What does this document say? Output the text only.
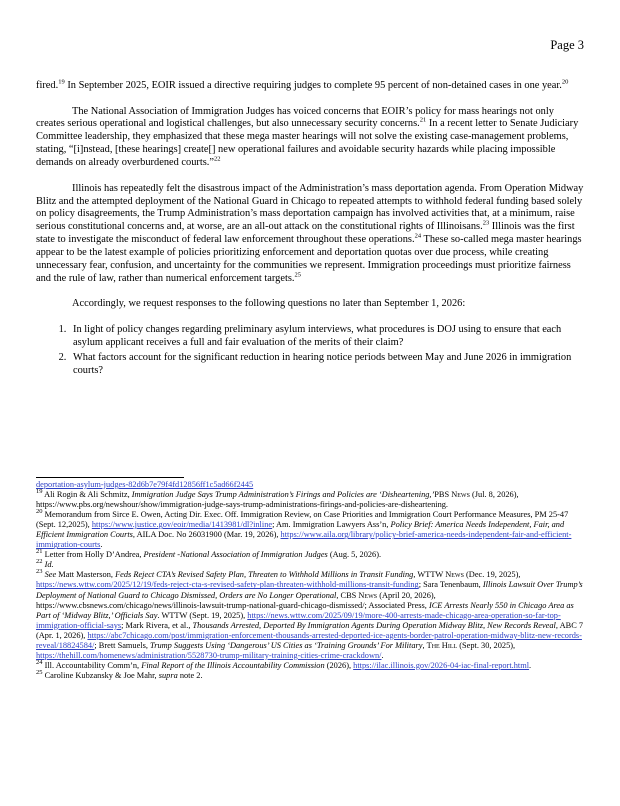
Page 3

fired.$^{19}$ In September 2025, EOIR issued a directive requiring judges to complete 95 percent of non-detained cases in one year.$^{20}$

The National Association of Immigration Judges has voiced concerns that EOIR’s policy for mass hearings not only creates serious operational and logistical challenges, but also unnecessary security concerns.$^{21}$ In a recent letter to Senate Judiciary Committee leadership, they emphasized that these mega master hearings will not solve the existing case-management problems, stating, “[i]nstead, [these hearings] create[] new operational failures and avoidable security hazards while placing impossible demands on already overburdened courts.”$^{22}$

Illinois has repeatedly felt the disastrous impact of the Administration’s mass deportation agenda. From Operation Midway Blitz and the attempted deployment of the National Guard in Chicago to repeated attempts to withhold federal funding based solely on policy disagreements, the Trump Administration’s mass deportation campaign has involved activities that, at a minimum, raise serious constitutional concerns and, at worse, are an all-out attack on the constitutional rights of Illinoisans.$^{23}$ Illinois was the first state to investigate the misconduct of federal law enforcement throughout these operations.$^{24}$ These so-called mega master hearings appear to be the latest example of policies prioritizing enforcement and deportation quotas over due process, while creating unnecessary fear, confusion, and uncertainty for the communities we represent. Immigration proceedings must prioritize fairness and the rule of law, rather than numerical enforcement targets.$^{25}$

Accordingly, we request responses to the following questions no later than September 1, 2026:

1. In light of policy changes regarding preliminary asylum interviews, what procedures is DOJ using to ensure that each asylum applicant receives a full and fair evaluation of the merits of their claim?
2. What factors account for the significant reduction in hearing notice periods between May and June 2026 in immigration courts?
deportation-asylum-judges-82d6b7e79f4fd12856ff1c5ad66f2445
$^{19}$ Ali Rogin & Ali Schmitz, Immigration Judge Says Trump Administration’s Firings and Policies are ‘Disheartening,’PBS News (Jul. 8, 2026), https://www.pbs.org/newshour/show/immigration-judge-says-trump-administrations-firings-and-policies-are-disheartening.
$^{20}$ Memorandum from Sirce E. Owen, Acting Dir. Exec. Off. Immigration Review, on Case Priorities and Immigration Court Performance Measures, PM 25-47 (Sept. 12,2025), https://www.justice.gov/eoir/media/1413981/dl?inline; Am. Immigration Lawyers Ass’n, Policy Brief: America Needs Independent, Fair, and Efficient Immigration Courts, AILA Doc. No 26031900 (Mar. 19, 2026), https://www.aila.org/library/policy-brief-america-needs-independent-fair-and-efficient-immigration-courts.
$^{21}$ Letter from Holly D’Andrea, President -National Association of Immigration Judges (Aug. 5, 2026).
$^{22}$ Id.
$^{23}$ See Matt Masterson, Feds Reject CTA’s Revised Safety Plan, Threaten to Withhold Millions in Transit Funding, WTTW News (Dec. 19, 2025), https://news.wttw.com/2025/12/19/feds-reject-cta-s-revised-safety-plan-threaten-withhold-millions-transit-funding; Sara Tenenbaum, Illinois Lawsuit Over Trump’s Deployment of National Guard to Chicago Dismissed, Orders are No Longer Operational, CBS News (April 20, 2026), https://www.cbsnews.com/chicago/news/illinois-lawsuit-trump-national-guard-chicago-dismissed/; Associated Press, ICE Arrests Nearly 550 in Chicago Area as Part of ‘Midway Blitz,’ Officials Say. WTTW (Sept. 19, 2025), https://news.wttw.com/2025/09/19/more-400-arrests-made-chicago-area-operation-so-far-top-immigration-official-says; Mark Rivera, et al., Thousands Arrested, Deported By Immigration Agents During Operation Midway Blitz, New Records Reveal, ABC 7 (Apr. 1, 2026), https://abc7chicago.com/post/immigration-enforcement-thousands-arrested-deported-ice-agents-border-patrol-operation-midway-blitz-new-records-reveal/18824584/; Brett Samuels, Trump Suggests Using ‘Dangerous’ US Cities as ‘Training Grounds’ For Military, The Hill (Sept. 30, 2025), https://thehill.com/homenews/administration/5528730-trump-military-training-cities-crime-crackdown/.
$^{24}$ Ill. Accountability Comm’n, Final Report of the Illinois Accountability Commission (2026), https://ilac.illinois.gov/2026-04-iac-final-report.html.
$^{25}$ Caroline Kubzansky & Joe Mahr, supra note 2.
